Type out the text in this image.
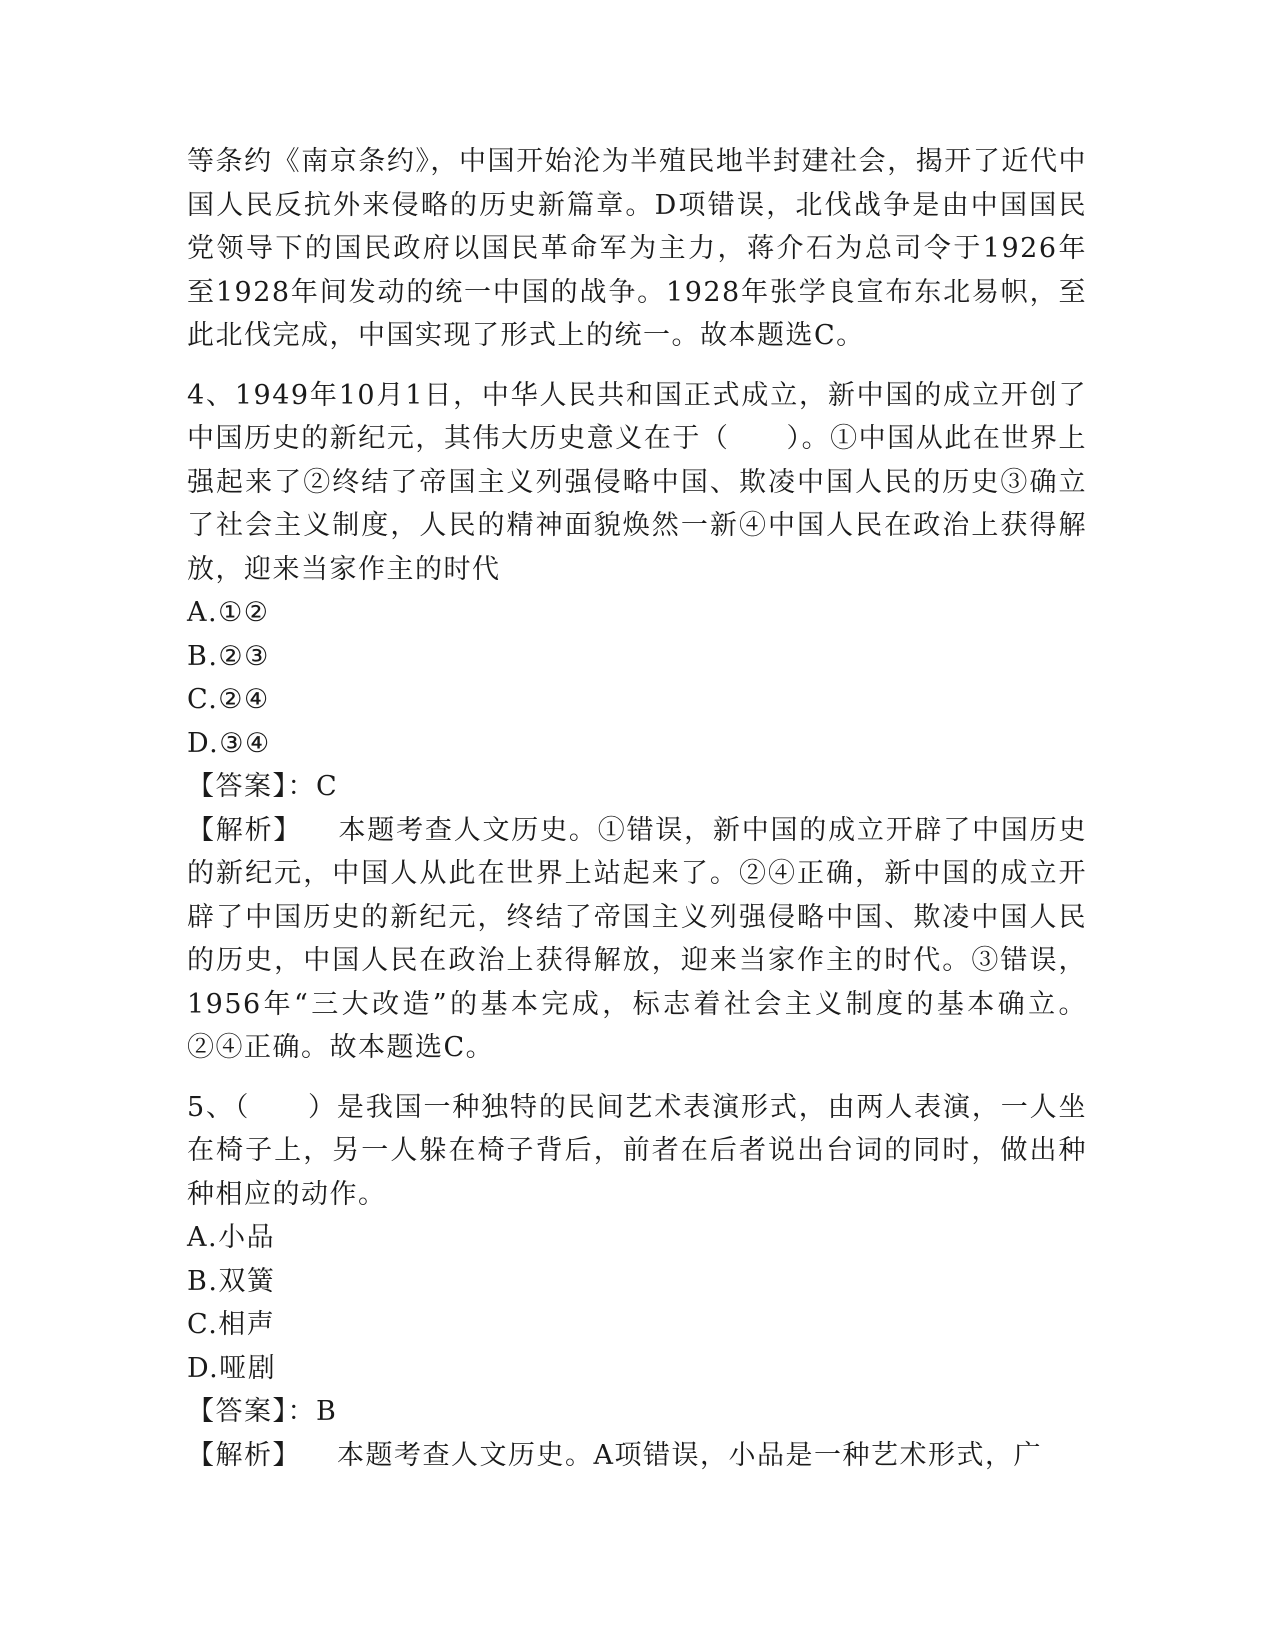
等条约《南京条约》，中国开始沦为半殖民地半封建社会，揭开了近代中国人民反抗外来侵略的历史新篇章。D项错误，北伐战争是由中国国民党领导下的国民政府以国民革命军为主力，蒋介石为总司令于1926年至1928年间发动的统一中国的战争。1928年张学良宣布东北易帜，至此北伐完成，中国实现了形式上的统一。故本题选C。

4、1949年10月1日，中华人民共和国正式成立，新中国的成立开创了中国历史的新纪元，其伟大历史意义在于（　　）。①中国从此在世界上强起来了②终结了帝国主义列强侵略中国、欺凌中国人民的历史③确立了社会主义制度，人民的精神面貌焕然一新④中国人民在政治上获得解放，迎来当家作主的时代

A.①②

B.②③

C.②④

D.③④

【答案】：C

【解析】 本题考查人文历史。①错误，新中国的成立开辟了中国历史的新纪元，中国人从此在世界上站起来了。②④正确，新中国的成立开辟了中国历史的新纪元，终结了帝国主义列强侵略中国、欺凌中国人民的历史，中国人民在政治上获得解放，迎来当家作主的时代。③错误，1956年“三大改造”的基本完成，标志着社会主义制度的基本确立。②④正确。故本题选C。

5、（　　）是我国一种独特的民间艺术表演形式，由两人表演，一人坐在椅子上，另一人躲在椅子背后，前者在后者说出台词的同时，做出种种相应的动作。

A.小品

B.双簧

C.相声

D.哑剧

【答案】：B

【解析】 本题考查人文历史。A项错误，小品是一种艺术形式，广
